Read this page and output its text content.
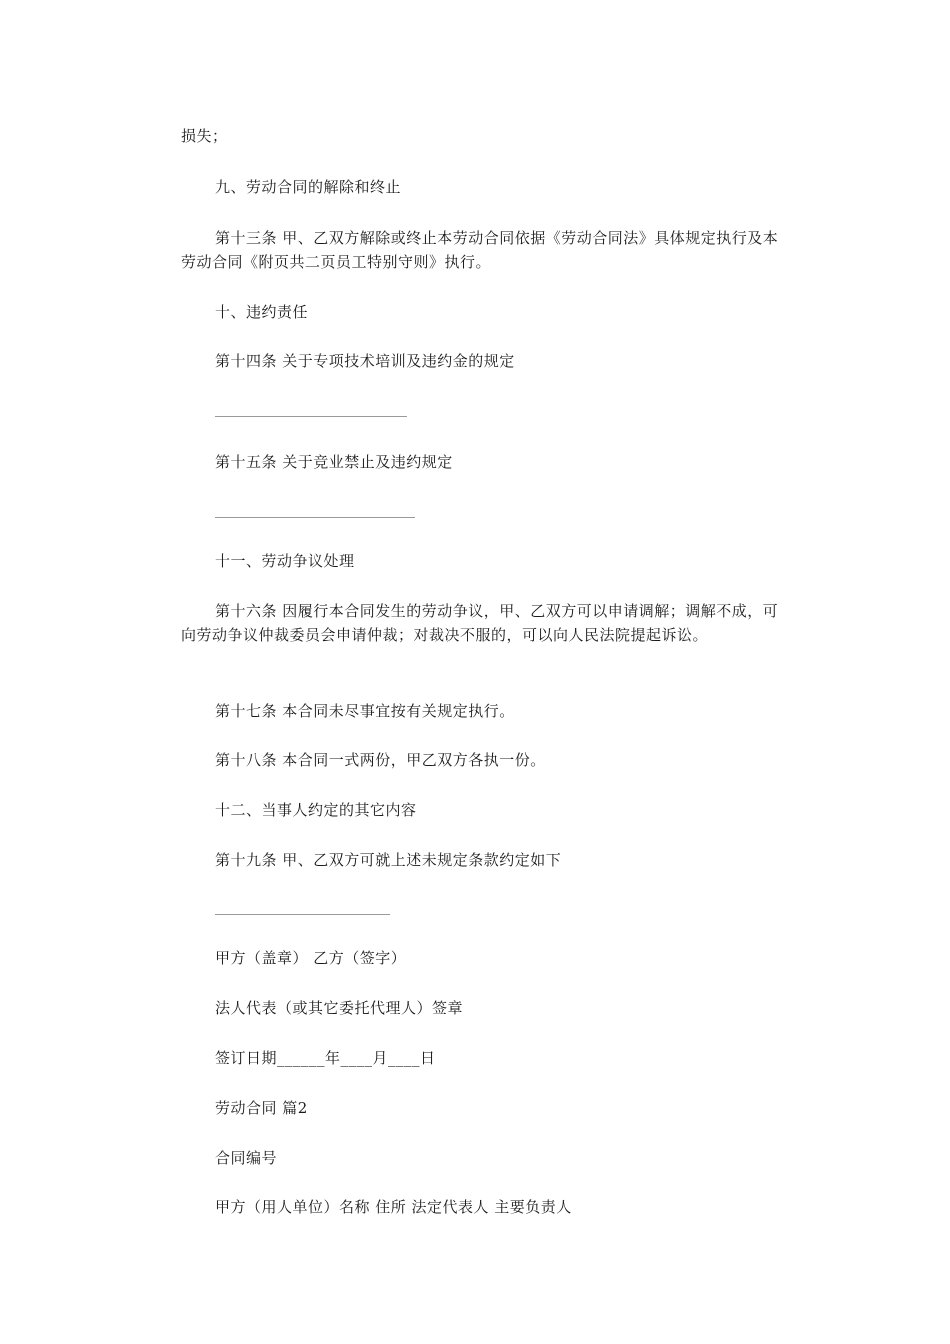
损失；
九、劳动合同的解除和终止
第十三条 甲、乙双方解除或终止本劳动合同依据《劳动合同法》具体规定执行及本劳动合同《附页共二页员工特别守则》执行。
十、违约责任
第十四条 关于专项技术培训及违约金的规定
第十五条 关于竞业禁止及违约规定
十一、劳动争议处理
第十六条 因履行本合同发生的劳动争议，甲、乙双方可以申请调解；调解不成，可向劳动争议仲裁委员会申请仲裁；对裁决不服的，可以向人民法院提起诉讼。
第十七条 本合同未尽事宜按有关规定执行。
第十八条 本合同一式两份，甲乙双方各执一份。
十二、当事人约定的其它内容
第十九条 甲、乙双方可就上述未规定条款约定如下
甲方（盖章） 乙方（签字）
法人代表（或其它委托代理人）签章
签订日期______年____月____日
劳动合同 篇2
合同编号
甲方（用人单位）名称 住所 法定代表人 主要负责人
